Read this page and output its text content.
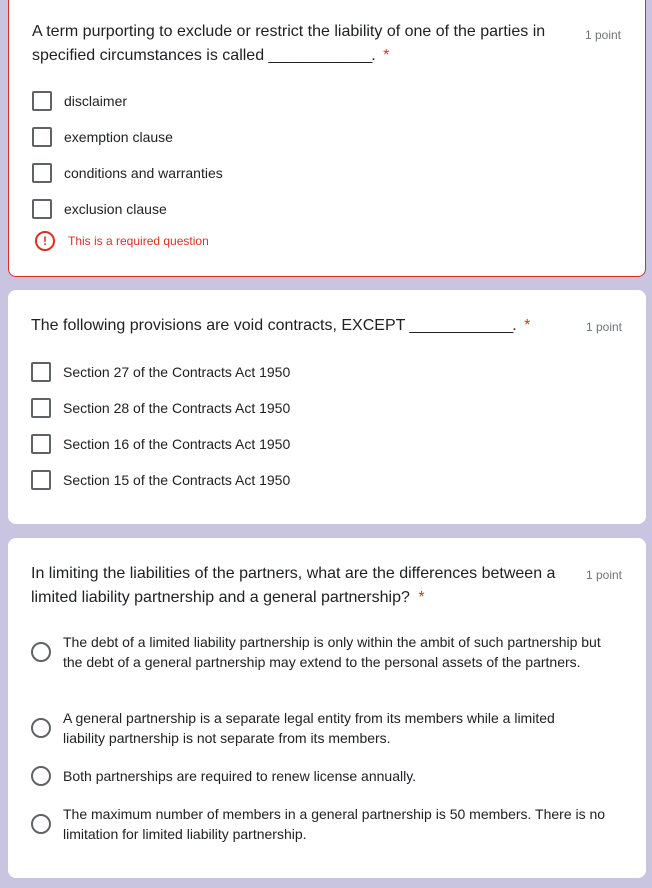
A term purporting to exclude or restrict the liability of one of the parties in specified circumstances is called _____________. *
1 point
disclaimer
exemption clause
conditions and warranties
exclusion clause
!	This is a required question
The following provisions are void contracts, EXCEPT _____________. *	1 point
Section 27 of the Contracts Act 1950
Section 28 of the Contracts Act 1950
Section 16 of the Contracts Act 1950
Section 15 of the Contracts Act 1950
In limiting the liabilities of the partners, what are the differences between a limited liability partnership and a general partnership? *
1 point
The debt of a limited liability partnership is only within the ambit of such partnership but the debt of a general partnership may extend to the personal assets of the partners.
A general partnership is a separate legal entity from its members while a limited liability partnership is not separate from its members.
Both partnerships are required to renew license annually.
The maximum number of members in a general partnership is 50 members. There is no limitation for limited liability partnership.
